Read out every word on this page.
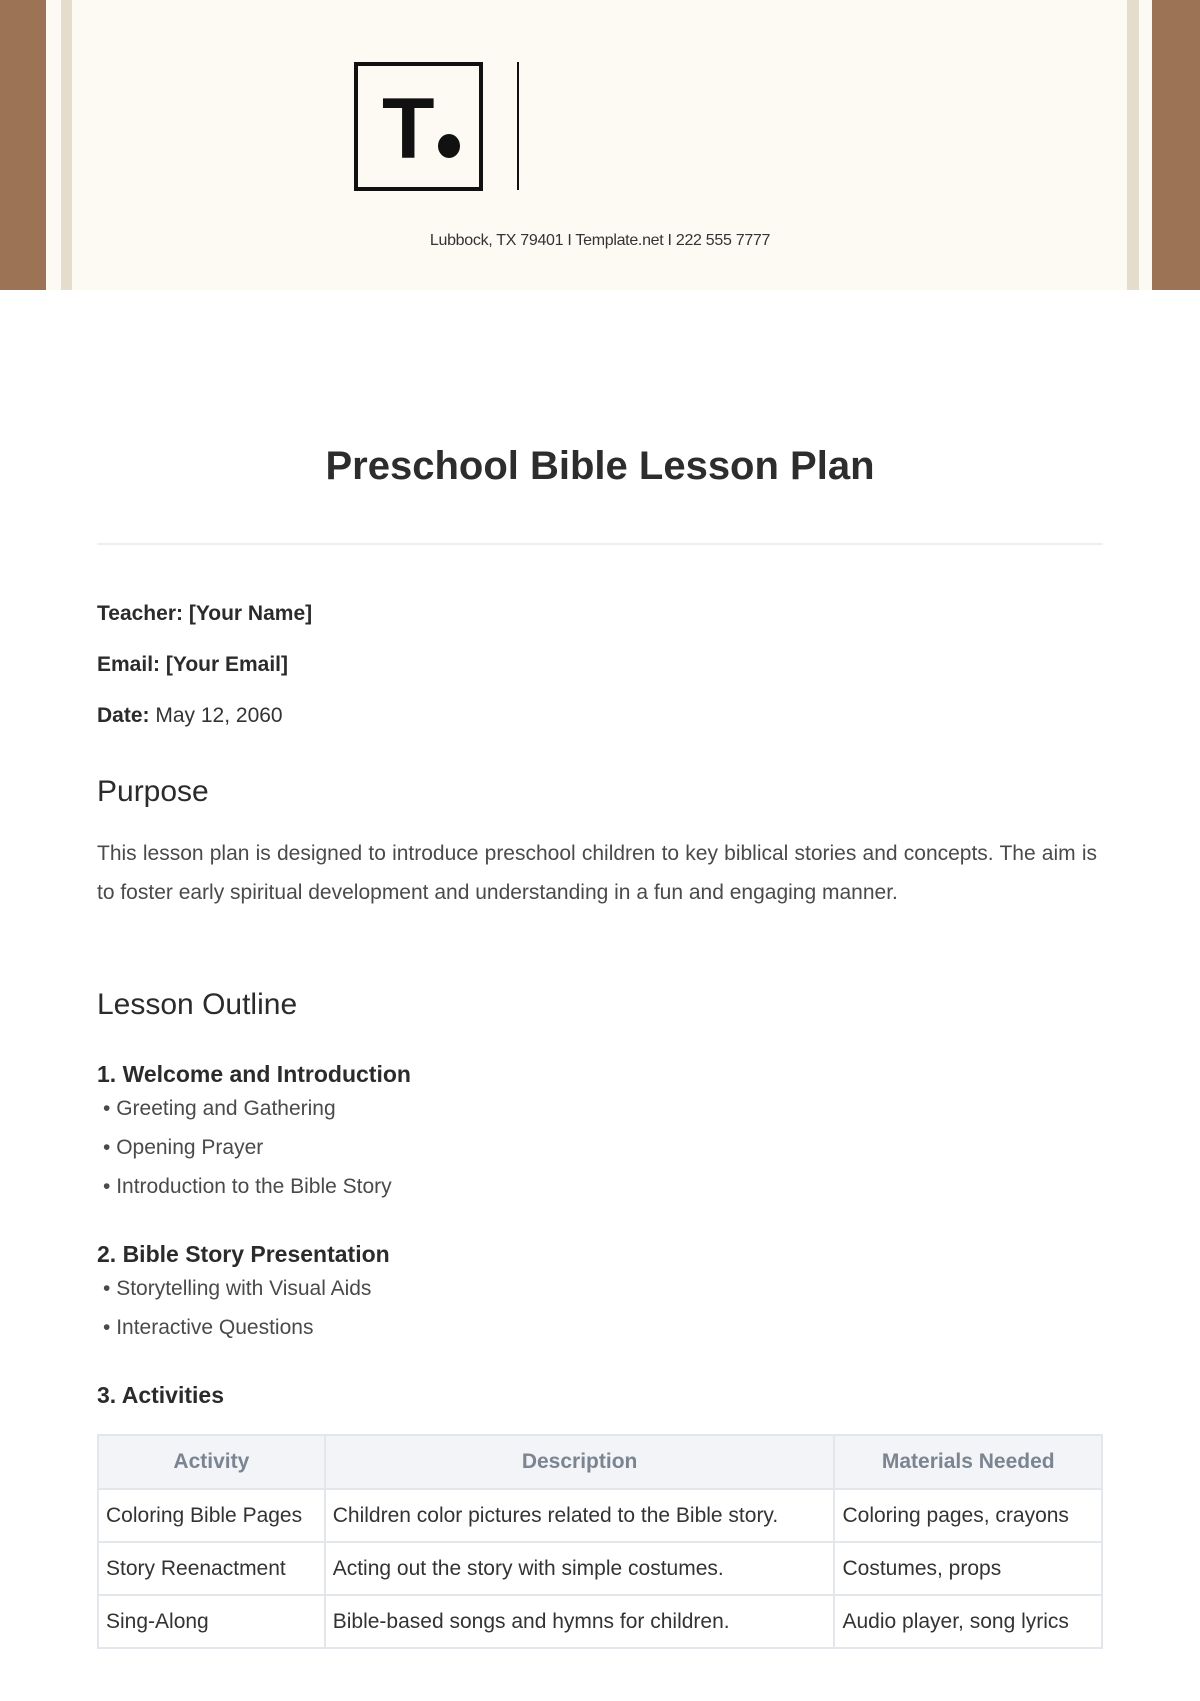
T
Lubbock, TX 79401 I Template.net I 222 555 7777
Preschool Bible Lesson Plan
Teacher: [Your Name]
Email: [Your Email]
Date: May 12, 2060
Purpose
This lesson plan is designed to introduce preschool children to key biblical stories and concepts. The aim is to foster early spiritual development and understanding in a fun and engaging manner.
Lesson Outline
1. Welcome and Introduction
• Greeting and Gathering
• Opening Prayer
• Introduction to the Bible Story
2. Bible Story Presentation
• Storytelling with Visual Aids
• Interactive Questions
3. Activities
Activity	Description	Materials Needed
Coloring Bible Pages	Children color pictures related to the Bible story.	Coloring pages, crayons
Story Reenactment	Acting out the story with simple costumes.	Costumes, props
Sing-Along	Bible-based songs and hymns for children.	Audio player, song lyrics
